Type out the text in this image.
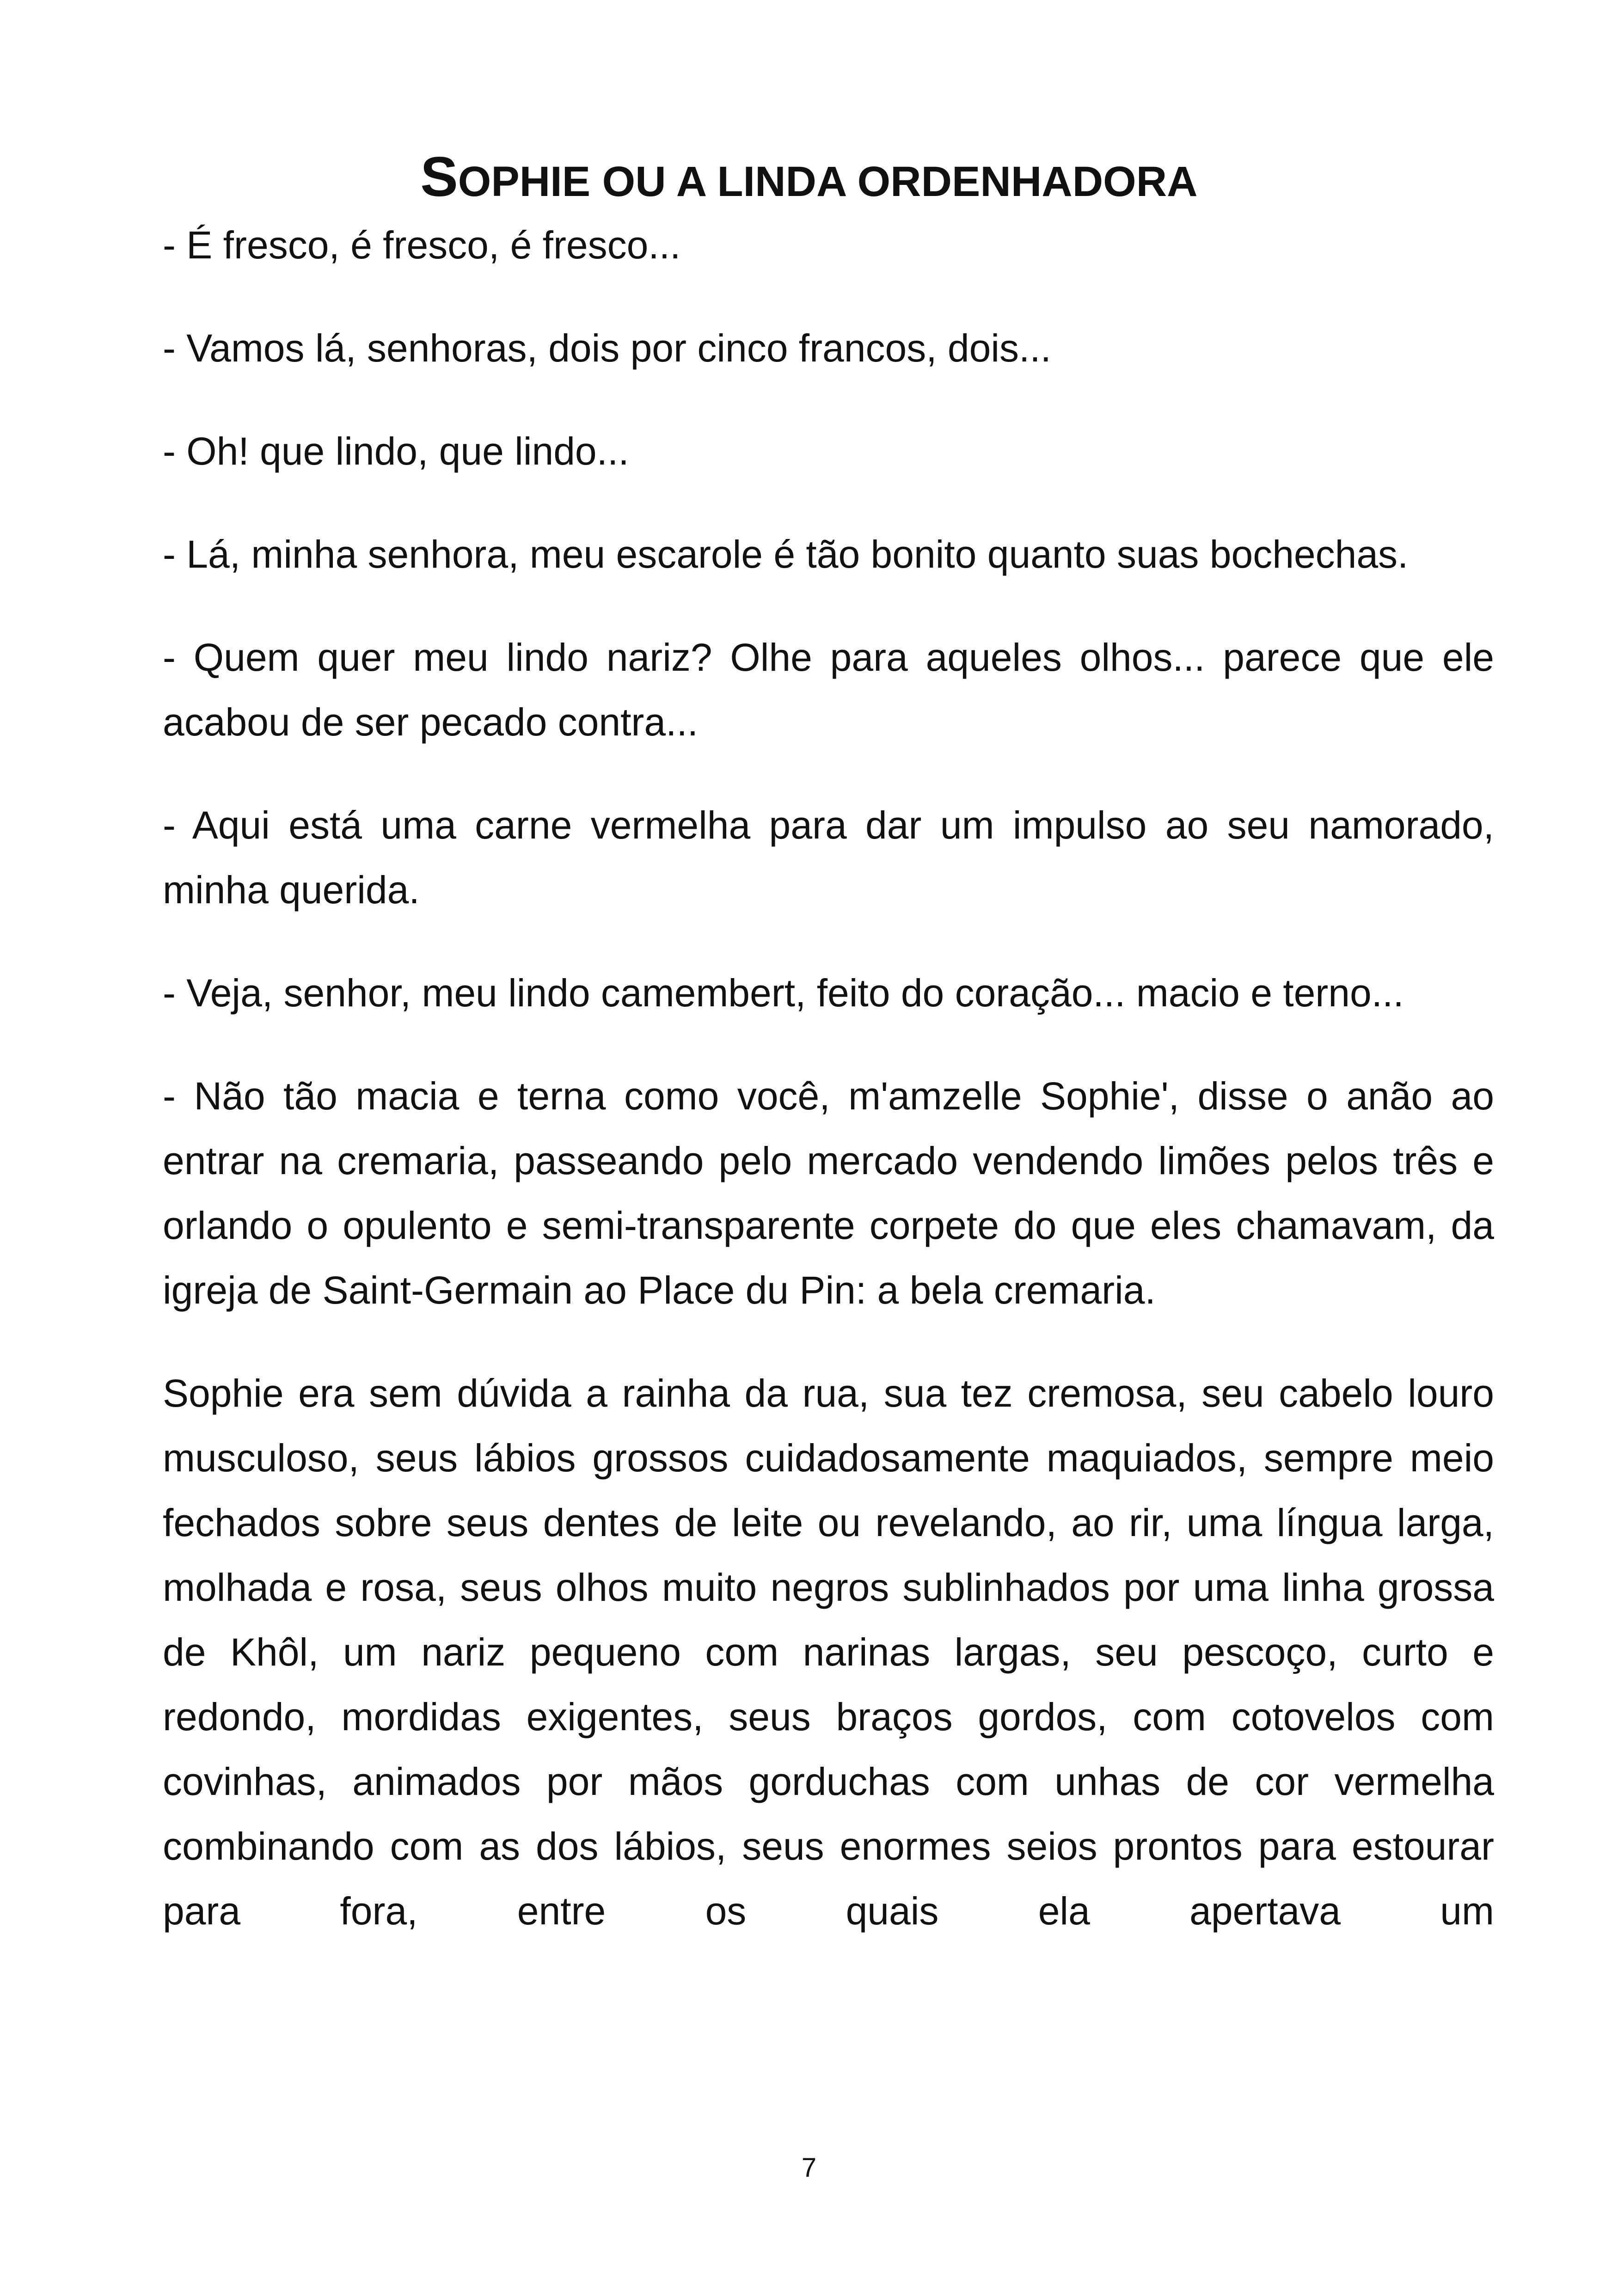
SOPHIE OU A LINDA ORDENHADORA

- É fresco, é fresco, é fresco...

- Vamos lá, senhoras, dois por cinco francos, dois...

- Oh! que lindo, que lindo...

- Lá, minha senhora, meu escarole é tão bonito quanto suas bochechas.

- Quem quer meu lindo nariz? Olhe para aqueles olhos... parece que ele acabou de ser pecado contra...

- Aqui está uma carne vermelha para dar um impulso ao seu namorado, minha querida.

- Veja, senhor, meu lindo camembert, feito do coração... macio e terno...

- Não tão macia e terna como você, m'amzelle Sophie', disse o anão ao entrar na cremaria, passeando pelo mercado vendendo limões pelos três e orlando o opulento e semi-transparente corpete do que eles chamavam, da igreja de Saint-Germain ao Place du Pin: a bela cremaria.

Sophie era sem dúvida a rainha da rua, sua tez cremosa, seu cabelo louro musculoso, seus lábios grossos cuidadosamente maquiados, sempre meio fechados sobre seus dentes de leite ou revelando, ao rir, uma língua larga, molhada e rosa, seus olhos muito negros sublinhados por uma linha grossa de Khôl, um nariz pequeno com narinas largas, seu pescoço, curto e redondo, mordidas exigentes, seus braços gordos, com cotovelos com covinhas, animados por mãos gorduchas com unhas de cor vermelha combinando com as dos lábios, seus enormes seios prontos para estourar para fora, entre os quais ela apertava um

7
